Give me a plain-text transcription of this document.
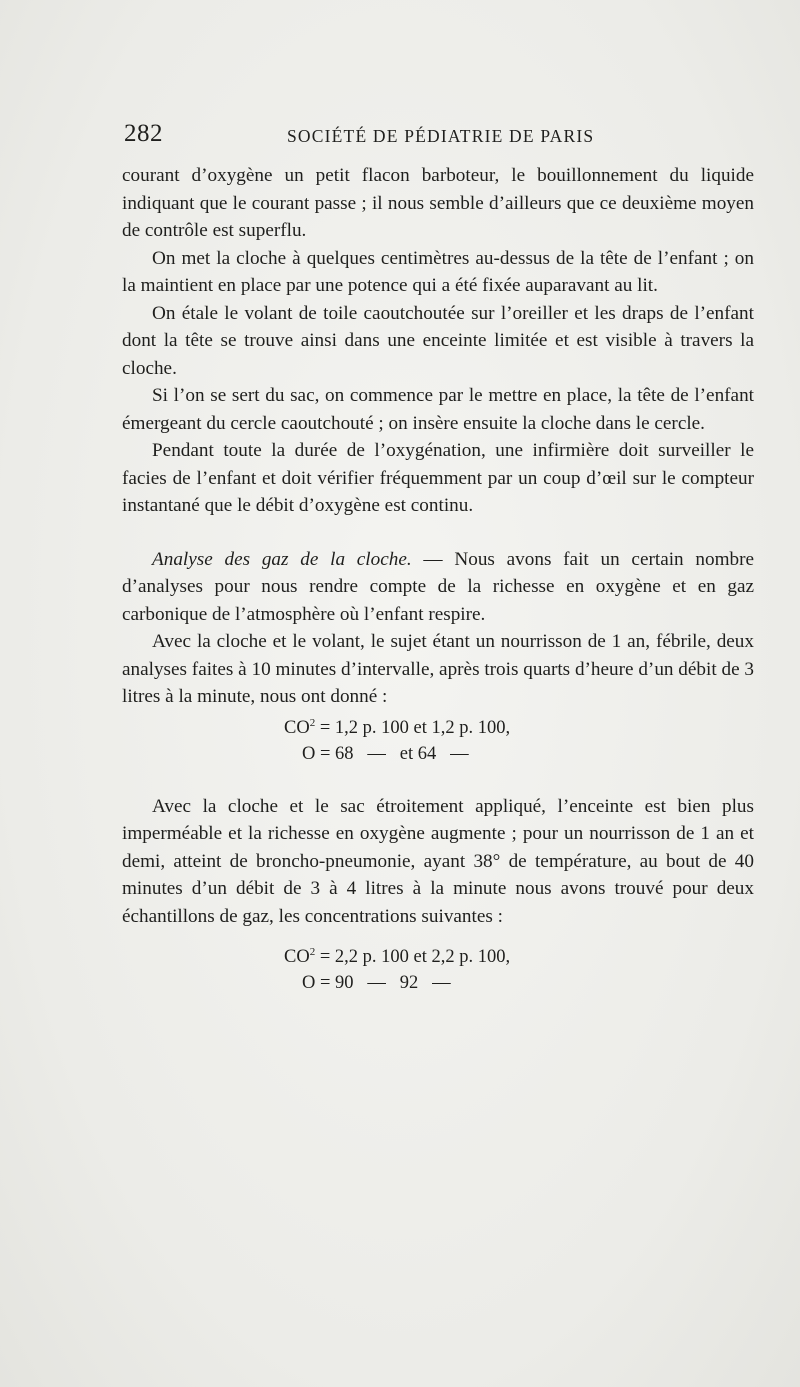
282	SOCIÉTÉ DE PÉDIATRIE DE PARIS

courant d’oxygène un petit flacon barboteur, le bouillonnement du liquide indiquant que le courant passe ; il nous semble d’ailleurs que ce deuxième moyen de contrôle est superflu.

On met la cloche à quelques centimètres au-dessus de la tête de l’enfant ; on la maintient en place par une potence qui a été fixée auparavant au lit.

On étale le volant de toile caoutchoutée sur l’oreiller et les draps de l’enfant dont la tête se trouve ainsi dans une enceinte limitée et est visible à travers la cloche.

Si l’on se sert du sac, on commence par le mettre en place, la tête de l’enfant émergeant du cercle caoutchouté ; on insère ensuite la cloche dans le cercle.

Pendant toute la durée de l’oxygénation, une infirmière doit surveiller le facies de l’enfant et doit vérifier fréquemment par un coup d’œil sur le compteur instantané que le débit d’oxygène est continu.

Analyse des gaz de la cloche. — Nous avons fait un certain nombre d’analyses pour nous rendre compte de la richesse en oxygène et en gaz carbonique de l’atmosphère où l’enfant respire.

Avec la cloche et le volant, le sujet étant un nourrisson de 1 an, fébrile, deux analyses faites à 10 minutes d’intervalle, après trois quarts d’heure d’un débit de 3 litres à la minute, nous ont donné :

$CO^2 = 1,2$ p. 100 et 1,2 p. 100,
O = 68   —   et 64   —

Avec la cloche et le sac étroitement appliqué, l’enceinte est bien plus imperméable et la richesse en oxygène augmente ; pour un nourrisson de 1 an et demi, atteint de broncho-pneumonie, ayant 38° de température, au bout de 40 minutes d’un débit de 3 à 4 litres à la minute nous avons trouvé pour deux échantillons de gaz, les concentrations suivantes :

$CO^2 = 2,2$ p. 100 et 2,2 p. 100,
O = 90   —   92   —
